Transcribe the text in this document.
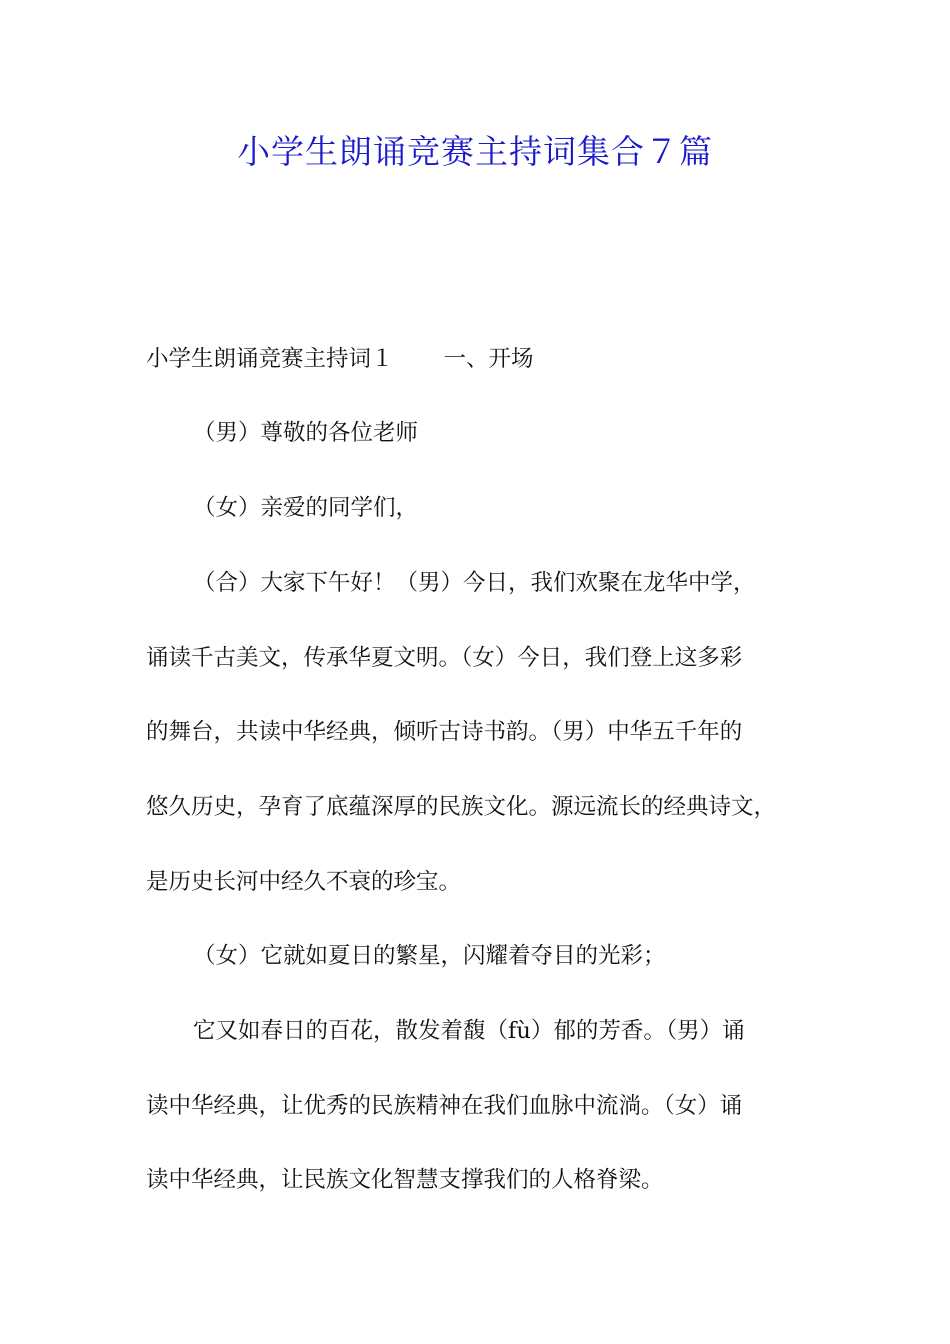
小学生朗诵竞赛主持词集合７篇

小学生朗诵竞赛主持词１ 一、开场

（男）尊敬的各位老师

（女）亲爱的同学们，

（合）大家下午好！（男）今日，我们欢聚在龙华中学，

诵读千古美文，传承华夏文明。（女）今日，我们登上这多彩

的舞台，共读中华经典，倾听古诗书韵。（男）中华五千年的

悠久历史，孕育了底蕴深厚的民族文化。源远流长的经典诗文，

是历史长河中经久不衰的珍宝。

（女）它就如夏日的繁星，闪耀着夺目的光彩；

它又如春日的百花，散发着馥（fù）郁的芳香。（男）诵

读中华经典，让优秀的民族精神在我们血脉中流淌。（女）诵

读中华经典，让民族文化智慧支撑我们的人格脊梁。
